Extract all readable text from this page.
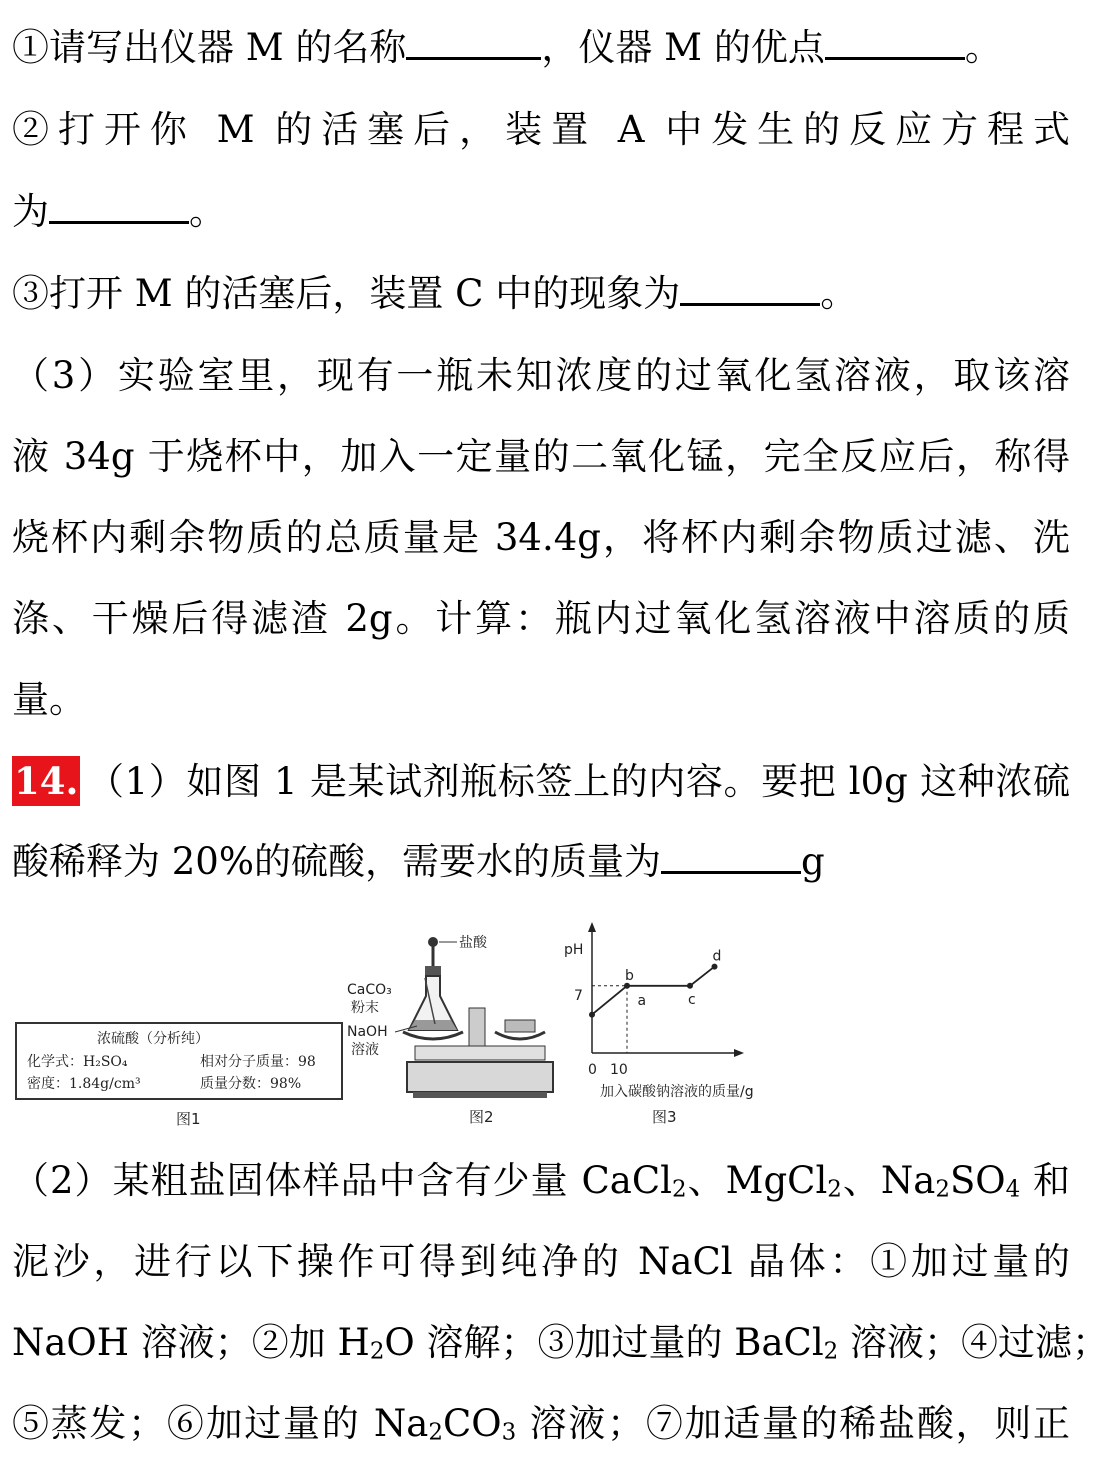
①请写出仪器 M 的名称	，仪器 M 的优点	。
②打开你 M 的活塞后，装置 A 中发生的反应方程式
为	。
③打开 M 的活塞后，装置 C 中的现象为	。
（3）实验室里，现有一瓶未知浓度的过氧化氢溶液，取该溶
液 34g 于烧杯中，加入一定量的二氧化锰，完全反应后，称得
烧杯内剩余物质的总质量是 34.4g，将杯内剩余物质过滤、洗
涤、干燥后得滤渣 2g。计算：瓶内过氧化氢溶液中溶质的质
量。
14. （1）如图 1 是某试剂瓶标签上的内容。要把 l0g 这种浓硫
酸稀释为 20%的硫酸，需要水的质量为	g
浓硫酸（分析纯）
化学式：H₂SO₄	相对分子质量：98
密度：1.84g/cm³	质量分数：98%
图1
盐酸
CaCO₃
粉末
NaOH
溶液
图2
pH
7
0 10
加入碳酸钠溶液的质量/g
a
b
c
d
图3
（2）某粗盐固体样品中含有少量 CaCl$_2$、MgCl$_2$、$Na_2SO_4$ 和
泥沙，进行以下操作可得到纯净的 NaCl 晶体：①加过量的
NaOH 溶液；②加 $H_2O$ 溶解；③加过量的 BaCl$_2$ 溶液；④过滤；
⑤蒸发；⑥加过量的 $Na_2CO_3$ 溶液；⑦加适量的稀盐酸，则正
